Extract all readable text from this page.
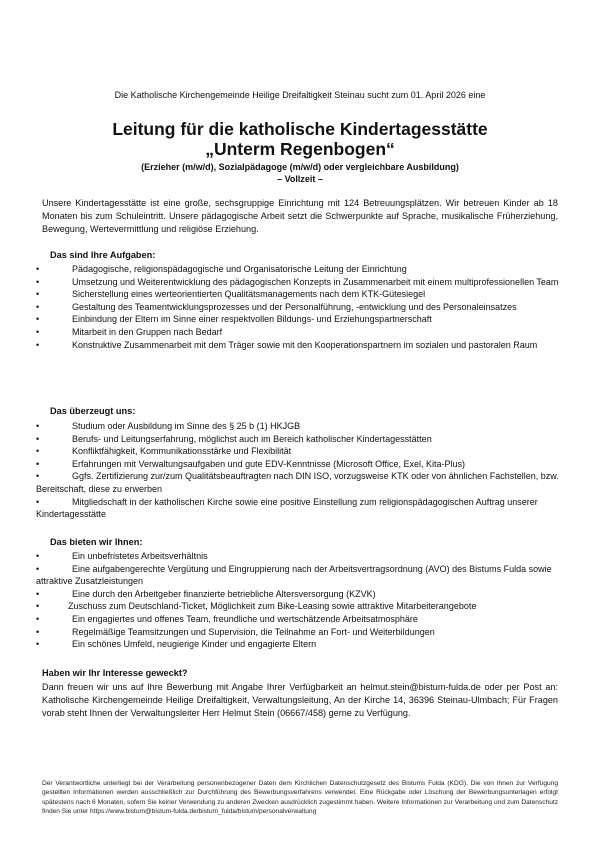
Die Katholische Kirchengemeinde Heilige Dreifaltigkeit Steinau sucht zum 01. April 2026 eine
Leitung für die katholische Kindertagesstätte
„Unterm Regenbogen“
(Erzieher (m/w/d), Sozialpädagoge (m/w/d) oder vergleichbare Ausbildung)
– Vollzeit –
Unsere Kindertagesstätte ist eine große, sechsgruppige Einrichtung mit 124 Betreuungsplätzen. Wir betreuen Kinder ab 18 Monaten bis zum Schuleintritt. Unsere pädagogische Arbeit setzt die Schwerpunkte auf Sprache, musikalische Früherziehung, Bewegung, Wertevermittlung und religiöse Erziehung.
Das sind Ihre Aufgaben:
• Pädagogische, religionspädagogische und Organisatorische Leitung der Einrichtung
• Umsetzung und Weiterentwicklung des pädagogischen Konzepts in Zusammenarbeit mit einem multiprofessionellen Team
• Sicherstellung eines werteorientierten Qualitätsmanagements nach dem KTK-Gütesiegel
• Gestaltung des Teamentwicklungsprozesses und der Personalführung, -entwicklung und des Personaleinsatzes
• Einbindung der Eltern im Sinne einer respektvollen Bildungs- und Erziehungspartnerschaft
• Mitarbeit in den Gruppen nach Bedarf
• Konstruktive Zusammenarbeit mit dem Träger sowie mit den Kooperationspartnern im sozialen und pastoralen Raum
Das überzeugt uns:
• Studium oder Ausbildung im Sinne des § 25 b (1) HKJGB
• Berufs- und Leitungserfahrung, möglichst auch im Bereich katholischer Kindertagesstätten
• Konfliktfähigkeit, Kommunikationsstärke und Flexibilität
• Erfahrungen mit Verwaltungsaufgaben und gute EDV-Kenntnisse (Microsoft Office, Exel, Kita-Plus)
• Ggfs. Zertifizierung zur/zum Qualitätsbeauftragten nach DIN ISO, vorzugsweise KTK oder von ähnlichen Fachstellen, bzw. Bereitschaft, diese zu erwerben
• Mitgliedschaft in der katholischen Kirche sowie eine positive Einstellung zum religionspädagogischen Auftrag unserer Kindertagesstätte
Das bieten wir Ihnen:
• Ein unbefristetes Arbeitsverhältnis
• Eine aufgabengerechte Vergütung und Eingruppierung nach der Arbeitsvertragsordnung (AVO) des Bistums Fulda sowie attraktive Zusatzleistungen
• Eine durch den Arbeitgeber finanzierte betriebliche Altersversorgung (KZVK)
• Zuschuss zum Deutschland-Ticket, Möglichkeit zum Bike-Leasing sowie attraktive Mitarbeiterangebote
• Ein engagiertes und offenes Team, freundliche und wertschätzende Arbeitsatmosphäre
• Regelmäßige Teamsitzungen und Supervision, die Teilnahme an Fort- und Weiterbildungen
• Ein schönes Umfeld, neugierige Kinder und engagierte Eltern
Haben wir Ihr Interesse geweckt?
Dann freuen wir uns auf Ihre Bewerbung mit Angabe Ihrer Verfügbarkeit an helmut.stein@bistum-fulda.de oder per Post an: Katholische Kirchengemeinde Heilige Dreifaltigkeit, Verwaltungsleitung, An der Kirche 14, 36396 Steinau-Ulmbach; Für Fragen vorab steht Ihnen der Verwaltungsleiter Herr Helmut Stein (06667/458) gerne zu Verfügung.
Der Verantwortliche unterliegt bei der Verarbeitung personenbezogener Daten dem Kirchlichen Datenschutzgesetz des Bistums Fulda (KDG). Die von Ihnen zur Verfügung gestellten Informationen werden ausschließlich zur Durchführung des Bewerbungsverfahrens verwendet. Eine Rückgabe oder Löschung der Bewerbungsunterlagen erfolgt spätestens nach 6 Monaten, sofern Sie keiner Verwendung zu anderen Zwecken ausdrücklich zugestimmt haben. Weitere Informationen zur Verarbeitung und zum Datenschutz finden Sie unter https://www.bistum@bistum-fulda.de/bistum_fulda/bistum/personalverwaltung
